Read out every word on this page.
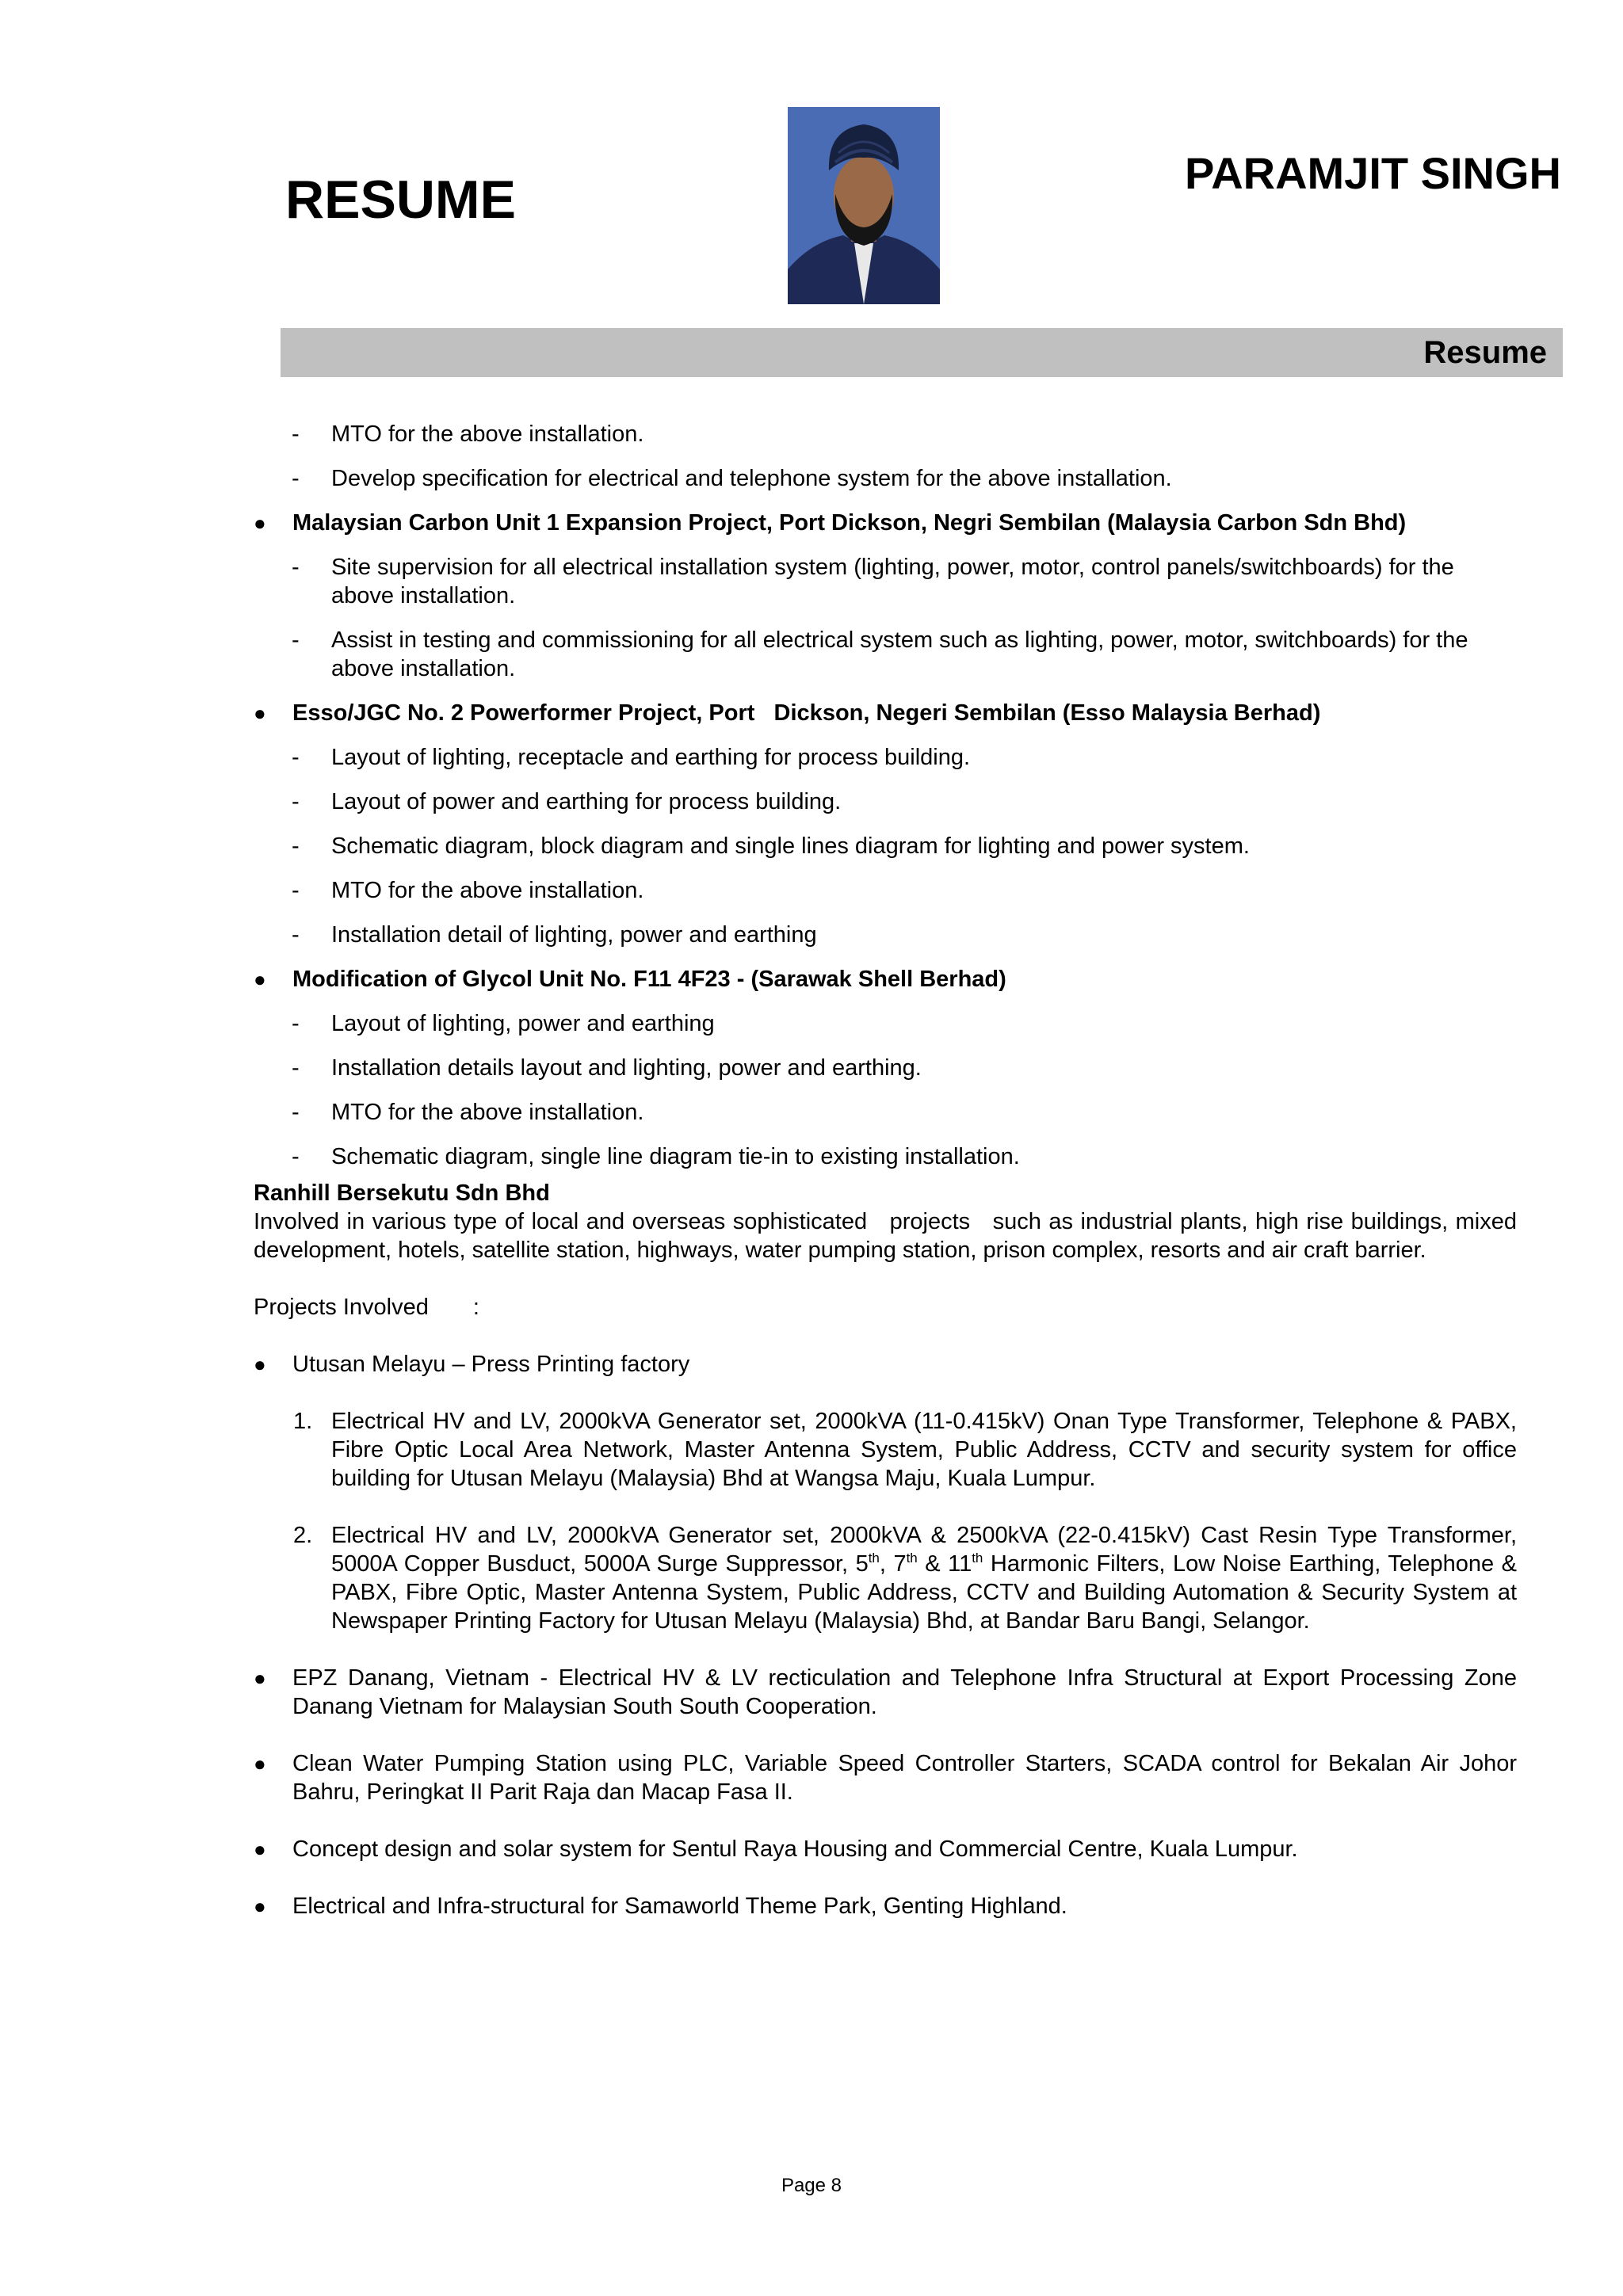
RESUME	PARAMJIT SINGH
Resume
- MTO for the above installation.
- Develop specification for electrical and telephone system for the above installation.
● Malaysian Carbon Unit 1 Expansion Project, Port Dickson, Negri Sembilan (Malaysia Carbon Sdn Bhd)
- Site supervision for all electrical installation system (lighting, power, motor, control panels/switchboards) for the above installation.
- Assist in testing and commissioning for all electrical system such as lighting, power, motor, switchboards) for the above installation.
● Esso/JGC No. 2 Powerformer Project, Port   Dickson, Negeri Sembilan (Esso Malaysia Berhad)
- Layout of lighting, receptacle and earthing for process building.
- Layout of power and earthing for process building.
- Schematic diagram, block diagram and single lines diagram for lighting and power system.
- MTO for the above installation.
- Installation detail of lighting, power and earthing
● Modification of Glycol Unit No. F11 4F23 - (Sarawak Shell Berhad)
- Layout of lighting, power and earthing
- Installation details layout and lighting, power and earthing.
- MTO for the above installation.
- Schematic diagram, single line diagram tie-in to existing installation.
Ranhill Bersekutu Sdn Bhd
Involved in various type of local and overseas sophisticated   projects   such as industrial plants, high rise buildings, mixed development, hotels, satellite station, highways, water pumping station, prison complex, resorts and air craft barrier.
Projects Involved :
● Utusan Melayu – Press Printing factory
1. Electrical HV and LV, 2000kVA Generator set, 2000kVA (11-0.415kV) Onan Type Transformer, Telephone & PABX, Fibre Optic Local Area Network, Master Antenna System, Public Address, CCTV and security system for office building for Utusan Melayu (Malaysia) Bhd at Wangsa Maju, Kuala Lumpur.
2. Electrical HV and LV, 2000kVA Generator set, 2000kVA & 2500kVA (22-0.415kV) Cast Resin Type Transformer, 5000A Copper Busduct, 5000A Surge Suppressor, 5th, 7th & 11th Harmonic Filters, Low Noise Earthing, Telephone & PABX, Fibre Optic, Master Antenna System, Public Address, CCTV and Building Automation & Security System at Newspaper Printing Factory for Utusan Melayu (Malaysia) Bhd, at Bandar Baru Bangi, Selangor.
● EPZ Danang, Vietnam - Electrical HV & LV recticulation and Telephone Infra Structural at Export Processing Zone Danang Vietnam for Malaysian South South Cooperation.
● Clean Water Pumping Station using PLC, Variable Speed Controller Starters, SCADA control for Bekalan Air Johor Bahru, Peringkat II Parit Raja dan Macap Fasa II.
● Concept design and solar system for Sentul Raya Housing and Commercial Centre, Kuala Lumpur.
● Electrical and Infra-structural for Samaworld Theme Park, Genting Highland.
Page 8
